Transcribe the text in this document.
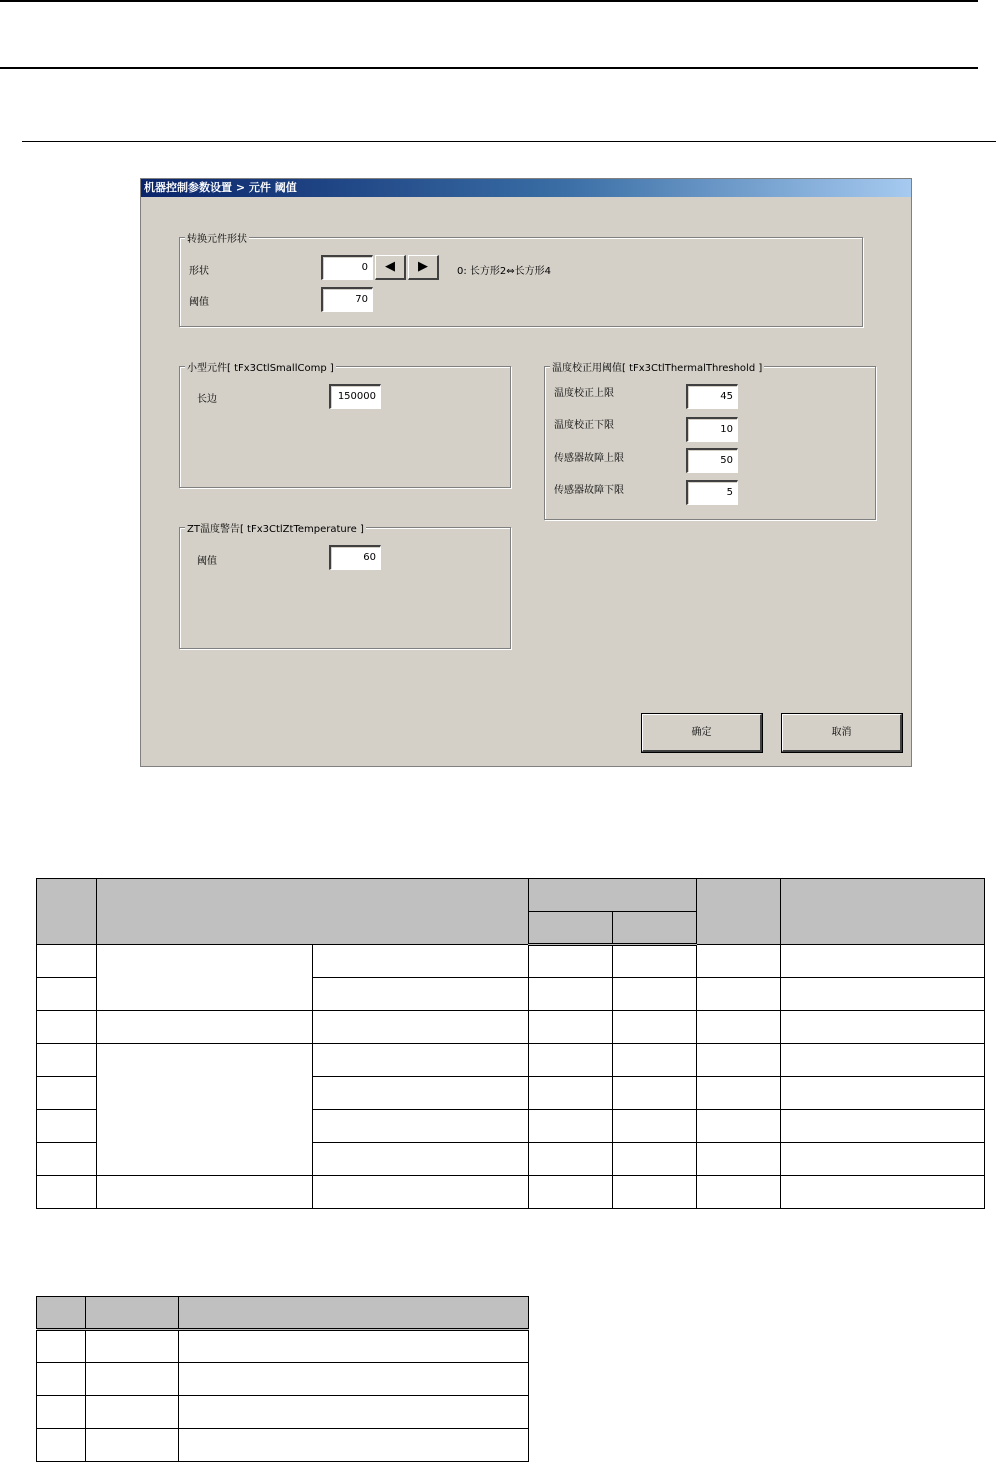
机器控制参数设置 > 元件 阈值
转换元件形状
形状	0	◀	▶	0: 长方形2⇔长方形4
阈值	70
小型元件[ tFx3CtlSmallComp ]
长边	150000
ZT温度警告[ tFx3CtlZtTemperature ]
阈值	60
温度校正用阈值[ tFx3CtlThermalThreshold ]
温度校正上限	45
温度校正下限	10
传感器故障上限	50
传感器故障下限	5
确定	取消
